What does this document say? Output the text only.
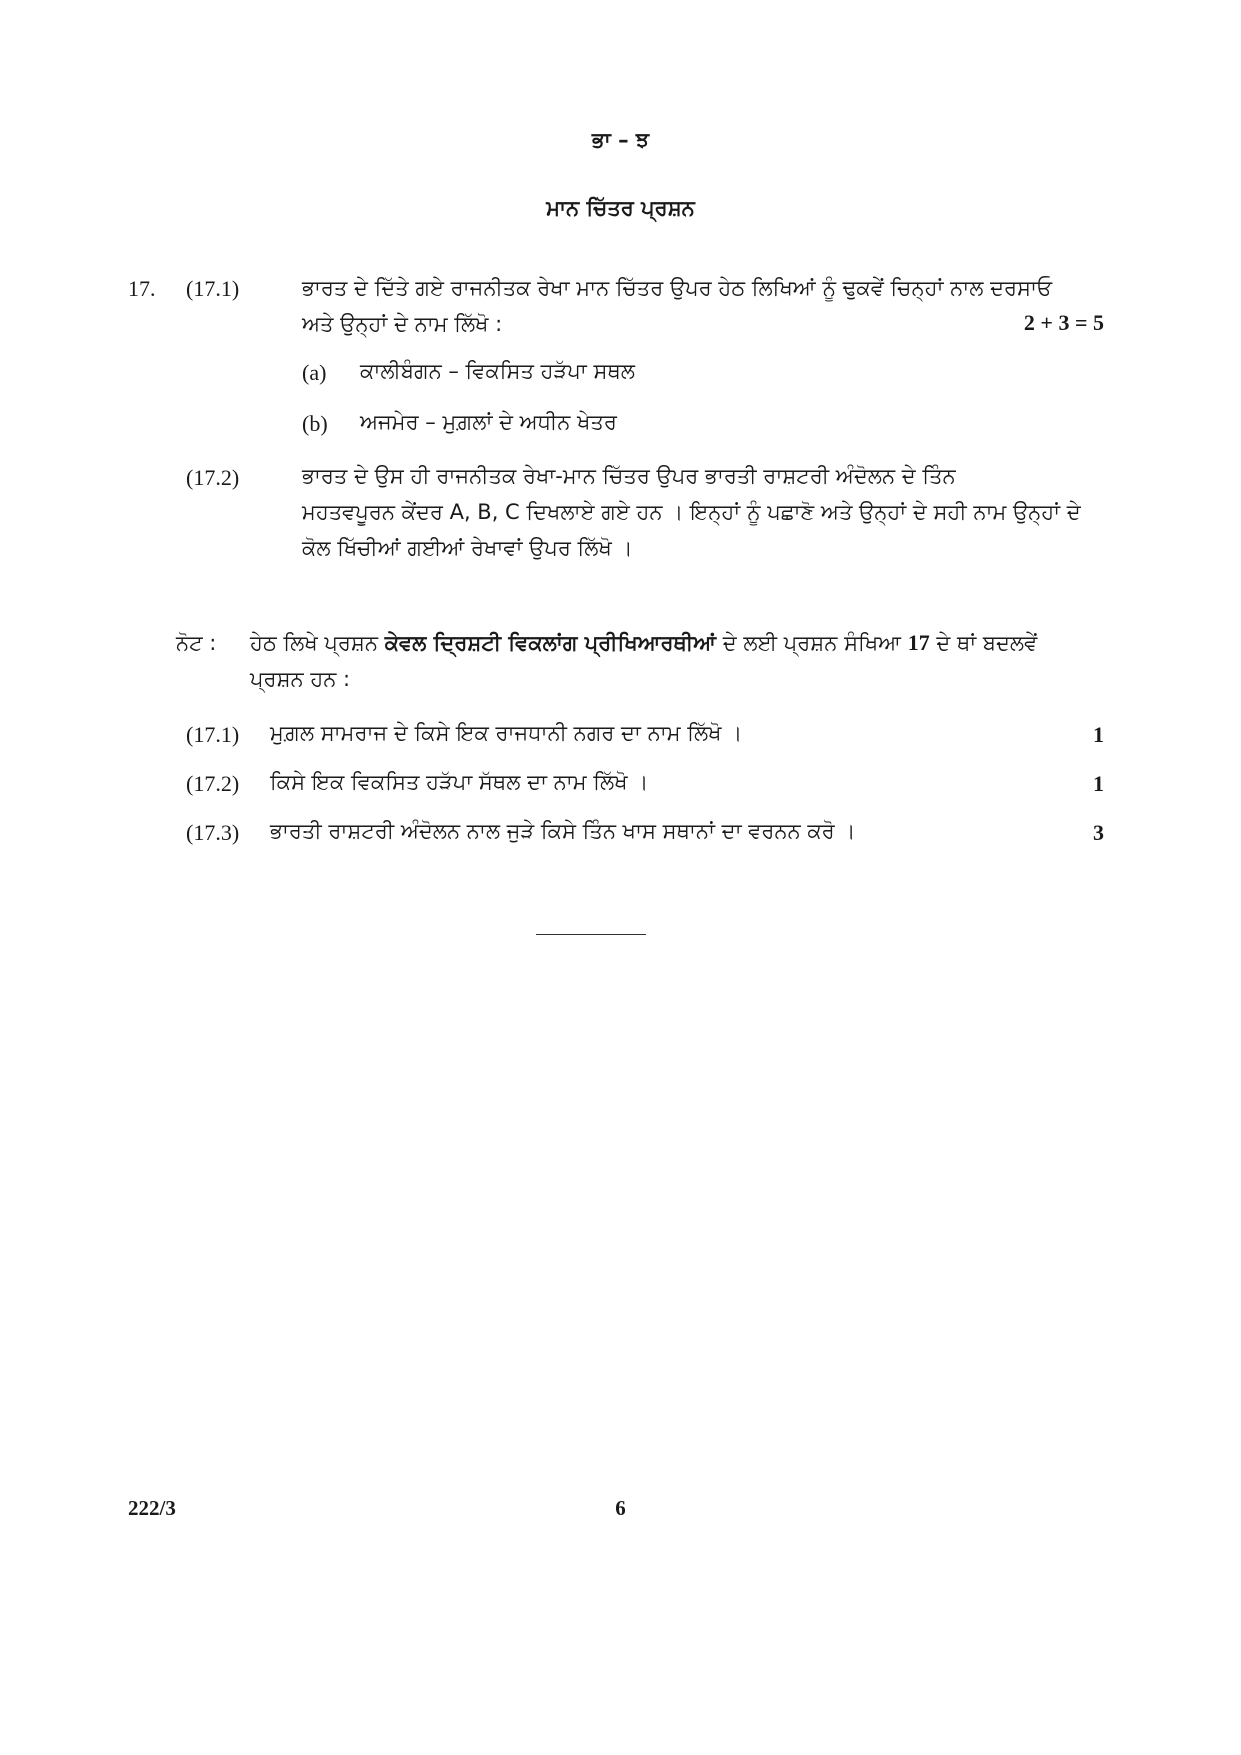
ਭਾ – ਝ
ਮਾਨ ਚਿੱਤਰ ਪ੍ਰਸ਼ਨ
17. (17.1)	ਭਾਰਤ ਦੇ ਦਿੱਤੇ ਗਏ ਰਾਜਨੀਤਕ ਰੇਖਾ ਮਾਨ ਚਿੱਤਰ ਉਪਰ ਹੇਠ ਲਿਖਿਆਂ ਨੂੰ ਢੁਕਵੇਂ ਚਿਨ੍ਹਾਂ ਨਾਲ ਦਰਸਾਓ
ਅਤੇ ਉਨ੍ਹਾਂ ਦੇ ਨਾਮ ਲਿੱਖੋ :	2 + 3 = 5
(a) ਕਾਲੀਬੰਗਨ – ਵਿਕਸਿਤ ਹੜੱਪਾ ਸਥਲ
(b) ਅਜਮੇਰ – ਮੁਗ਼ਲਾਂ ਦੇ ਅਧੀਨ ਖੇਤਰ
(17.2)	ਭਾਰਤ ਦੇ ਉਸ ਹੀ ਰਾਜਨੀਤਕ ਰੇਖਾ-ਮਾਨ ਚਿੱਤਰ ਉਪਰ ਭਾਰਤੀ ਰਾਸ਼ਟਰੀ ਅੰਦੋਲਨ ਦੇ ਤਿੰਨ
ਮਹਤਵਪੂਰਨ ਕੇਂਦਰ A, B, C ਦਿਖਲਾਏ ਗਏ ਹਨ । ਇਨ੍ਹਾਂ ਨੂੰ ਪਛਾਣੋ ਅਤੇ ਉਨ੍ਹਾਂ ਦੇ ਸਹੀ ਨਾਮ ਉਨ੍ਹਾਂ ਦੇ
ਕੋਲ ਖਿੱਚੀਆਂ ਗਈਆਂ ਰੇਖਾਵਾਂ ਉਪਰ ਲਿੱਖੋ ।
ਨੋਟ : ਹੇਠ ਲਿਖੇ ਪ੍ਰਸ਼ਨ ਕੇਵਲ ਦ੍ਰਿਸ਼ਟੀ ਵਿਕਲਾਂਗ ਪ੍ਰੀਖਿਆਰਥੀਆਂ ਦੇ ਲਈ ਪ੍ਰਸ਼ਨ ਸੰਖਿਆ 17 ਦੇ ਥਾਂ ਬਦਲਵੇਂ
ਪ੍ਰਸ਼ਨ ਹਨ :
(17.1) ਮੁਗ਼ਲ ਸਾਮਰਾਜ ਦੇ ਕਿਸੇ ਇਕ ਰਾਜਧਾਨੀ ਨਗਰ ਦਾ ਨਾਮ ਲਿੱਖੋ ।	1
(17.2) ਕਿਸੇ ਇਕ ਵਿਕਸਿਤ ਹੜੱਪਾ ਸੱਥਲ ਦਾ ਨਾਮ ਲਿੱਖੋ ।	1
(17.3) ਭਾਰਤੀ ਰਾਸ਼ਟਰੀ ਅੰਦੋਲਨ ਨਾਲ ਜੁੜੇ ਕਿਸੇ ਤਿੰਨ ਖਾਸ ਸਥਾਨਾਂ ਦਾ ਵਰਨਨ ਕਰੋ ।	3
222/3	6
